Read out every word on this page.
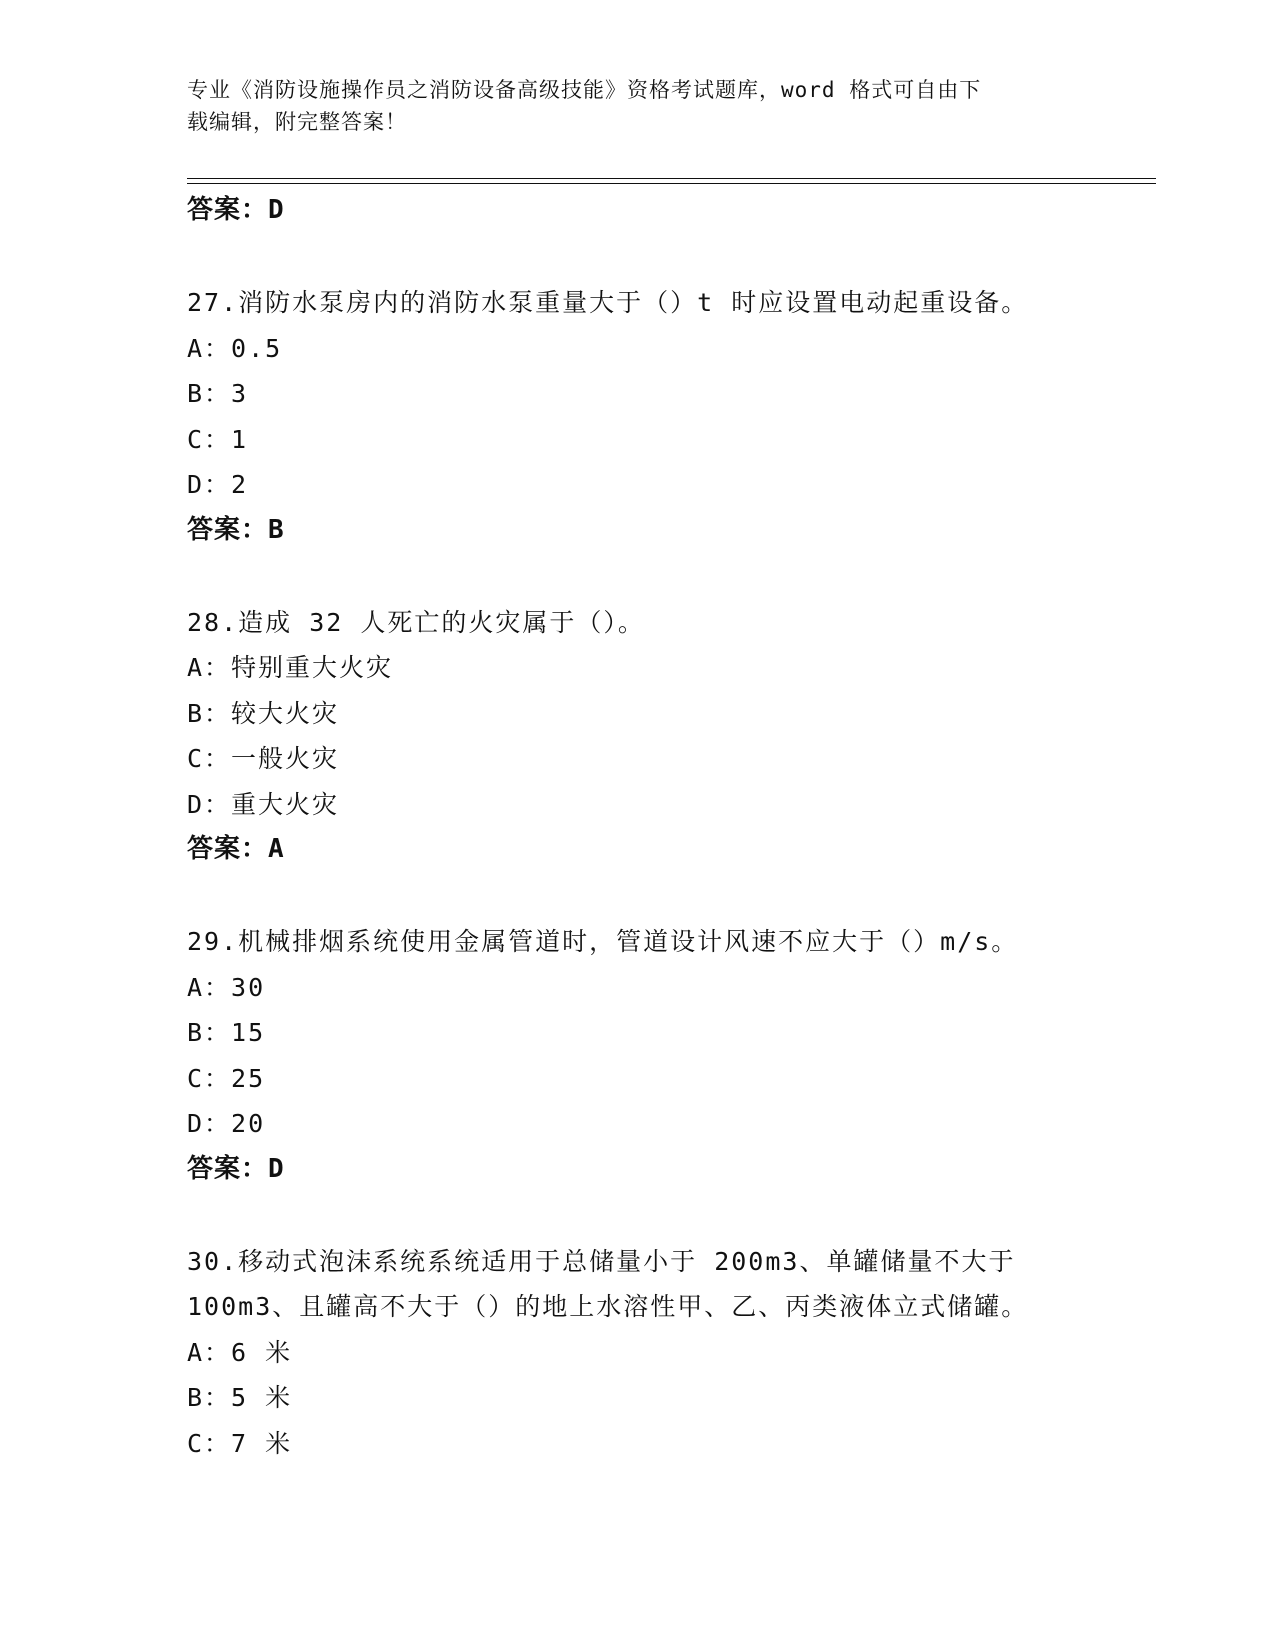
专业《消防设施操作员之消防设备高级技能》资格考试题库，word 格式可自由下
载编辑，附完整答案！
答案：D
27.消防水泵房内的消防水泵重量大于（）t 时应设置电动起重设备。
A：0.5
B：3
C：1
D：2
答案：B
28.造成 32 人死亡的火灾属于（）。
A：特别重大火灾
B：较大火灾
C：一般火灾
D：重大火灾
答案：A
29.机械排烟系统使用金属管道时，管道设计风速不应大于（）m/s。
A：30
B：15
C：25
D：20
答案：D
30.移动式泡沫系统系统适用于总储量小于 200m3、单罐储量不大于
100m3、且罐高不大于（）的地上水溶性甲、乙、丙类液体立式储罐。
A：6 米
B：5 米
C：7 米
